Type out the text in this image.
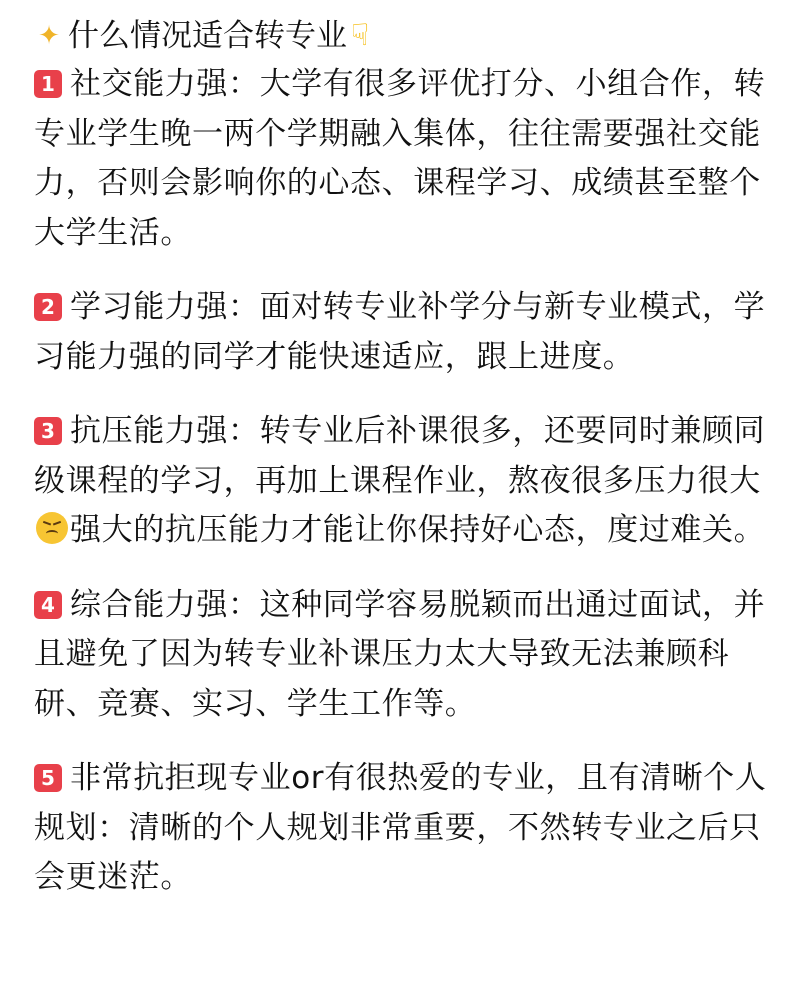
✦ 什么情况适合转专业 ☟

1 社交能力强：大学有很多评优打分、小组合作，转专业学生晚一两个学期融入集体，往往需要强社交能力，否则会影响你的心态、课程学习、成绩甚至整个大学生活。

2 学习能力强：面对转专业补学分与新专业模式，学习能力强的同学才能快速适应，跟上进度。

3 抗压能力强：转专业后补课很多，还要同时兼顾同级课程的学习，再加上课程作业，熬夜很多压力很大
强大的抗压能力才能让你保持好心态，度过难关。

4 综合能力强：这种同学容易脱颖而出通过面试，并且避免了因为转专业补课压力太大导致无法兼顾科研、竞赛、实习、学生工作等。

5 非常抗拒现专业or有很热爱的专业，且有清晰个人规划：清晰的个人规划非常重要，不然转专业之后只会更迷茫。
